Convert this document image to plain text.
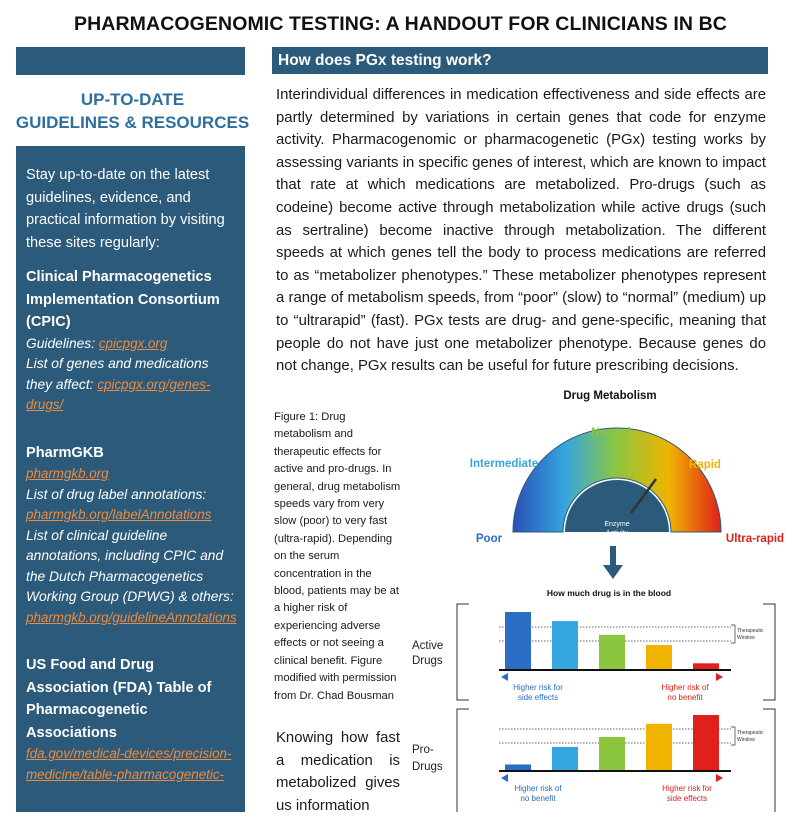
PHARMACOGENOMIC TESTING: A HANDOUT FOR CLINICIANS IN BC
UP-TO-DATE
GUIDELINES & RESOURCES

Stay up-to-date on the latest guidelines, evidence, and practical information by visiting these sites regularly:

Clinical Pharmacogenetics Implementation Consortium (CPIC)

Guidelines: cpicpgx.org

List of genes and medications they affect: cpicpgx.org/genes-drugs/

PharmGKB

pharmgkb.org

List of drug label annotations:
pharmgkb.org/labelAnnotations

List of clinical guideline annotations, including CPIC and the Dutch Pharmacogenetics Working Group (DPWG) & others:
pharmgkb.org/guidelineAnnotations

US Food and Drug Association (FDA) Table of Pharmacogenetic Associations

fda.gov/medical-devices/precision-medicine/table-pharmacogenetic-

How does PGx testing work?

Interindividual differences in medication effectiveness and side effects are partly determined by variations in certain genes that code for enzyme activity. Pharmacogenomic or pharmacogenetic (PGx) testing works by assessing variants in specific genes of interest, which are known to impact that rate at which medications are metabolized. Pro-drugs (such as codeine) become active through metabolization while active drugs (such as sertraline) become inactive through metabolization. The different speeds at which genes tell the body to process medications are referred to as “metabolizer phenotypes.” These metabolizer phenotypes represent a range of metabolism speeds, from “poor” (slow) to “normal” (medium) up to “ultrarapid” (fast). PGx tests are drug- and gene-specific, meaning that people do not have just one metabolizer phenotype. Because genes do not change, PGx results can be useful for future prescribing decisions.

Figure 1: Drug metabolism and therapeutic effects for active and pro-drugs. In general, drug metabolism speeds vary from very slow (poor) to very fast (ultra-rapid). Depending on the serum concentration in the blood, patients may be at a higher risk of experiencing adverse effects or not seeing a clinical benefit. Figure modified with permission from Dr. Chad Bousman

Knowing how fast a medication is metabolized gives us information

Drug Metabolism
Enzyme
Activity
Normal
Intermediate	Rapid
Poor	Ultra-rapid
How much drug is in the blood
Active
Drugs
Therapeutic
Window
Higher risk for
side effects
Higher risk of
no benefit
Pro-
Drugs
Therapeutic
Window
Higher risk of
no benefit
Higher risk for
side effects
